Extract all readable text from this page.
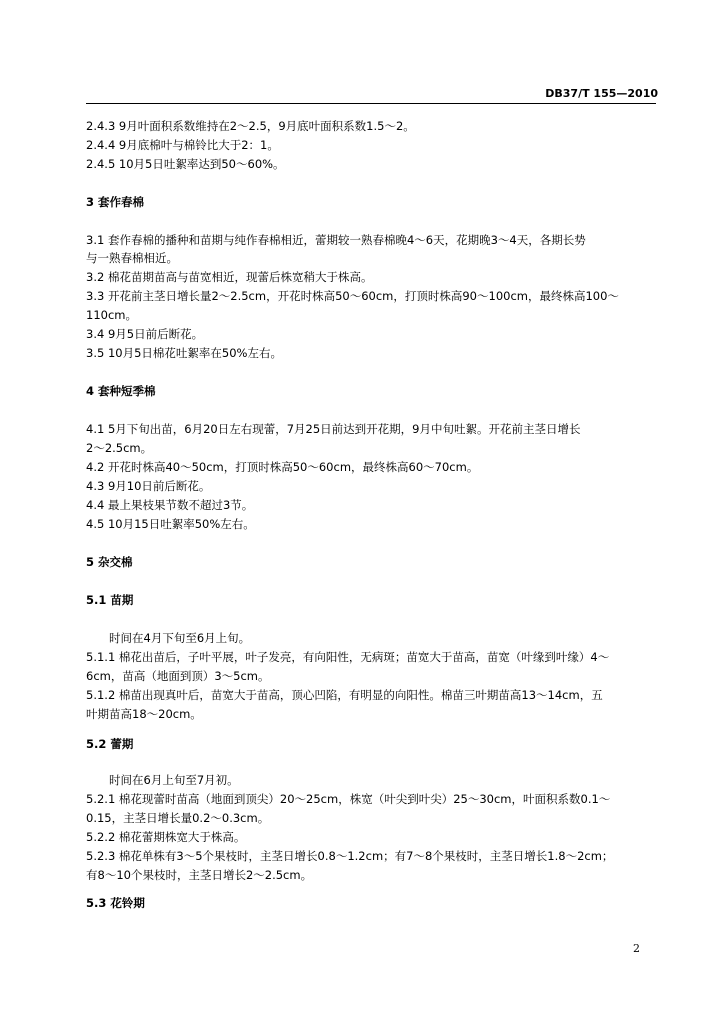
DB37/T 155—2010
2.4.3 9月叶面积系数维持在2～2.5，9月底叶面积系数1.5～2。
2.4.4 9月底棉叶与棉铃比大于2：1。
2.4.5 10月5日吐絮率达到50～60%。
3 套作春棉
3.1 套作春棉的播种和苗期与纯作春棉相近，蕾期较一熟春棉晚4～6天，花期晚3～4天，各期长势
与一熟春棉相近。
3.2 棉花苗期苗高与苗宽相近，现蕾后株宽稍大于株高。
3.3 开花前主茎日增长量2～2.5cm，开花时株高50～60cm，打顶时株高90～100cm，最终株高100～
110cm。
3.4 9月5日前后断花。
3.5 10月5日棉花吐絮率在50%左右。
4 套种短季棉
4.1 5月下旬出苗，6月20日左右现蕾，7月25日前达到开花期，9月中旬吐絮。开花前主茎日增长
2～2.5cm。
4.2 开花时株高40～50cm，打顶时株高50～60cm，最终株高60～70cm。
4.3 9月10日前后断花。
4.4 最上果枝果节数不超过3节。
4.5 10月15日吐絮率50%左右。
5 杂交棉
5.1 苗期
时间在4月下旬至6月上旬。
5.1.1 棉花出苗后，子叶平展，叶子发亮，有向阳性，无病斑；苗宽大于苗高，苗宽（叶缘到叶缘）4～
6cm，苗高（地面到顶）3～5cm。
5.1.2 棉苗出现真叶后，苗宽大于苗高，顶心凹陷，有明显的向阳性。棉苗三叶期苗高13～14cm，五
叶期苗高18～20cm。
5.2 蕾期
时间在6月上旬至7月初。
5.2.1 棉花现蕾时苗高（地面到顶尖）20～25cm，株宽（叶尖到叶尖）25～30cm，叶面积系数0.1～
0.15，主茎日增长量0.2～0.3cm。
5.2.2 棉花蕾期株宽大于株高。
5.2.3 棉花单株有3～5个果枝时，主茎日增长0.8～1.2cm；有7～8个果枝时，主茎日增长1.8～2cm；
有8～10个果枝时，主茎日增长2～2.5cm。
5.3 花铃期
2
